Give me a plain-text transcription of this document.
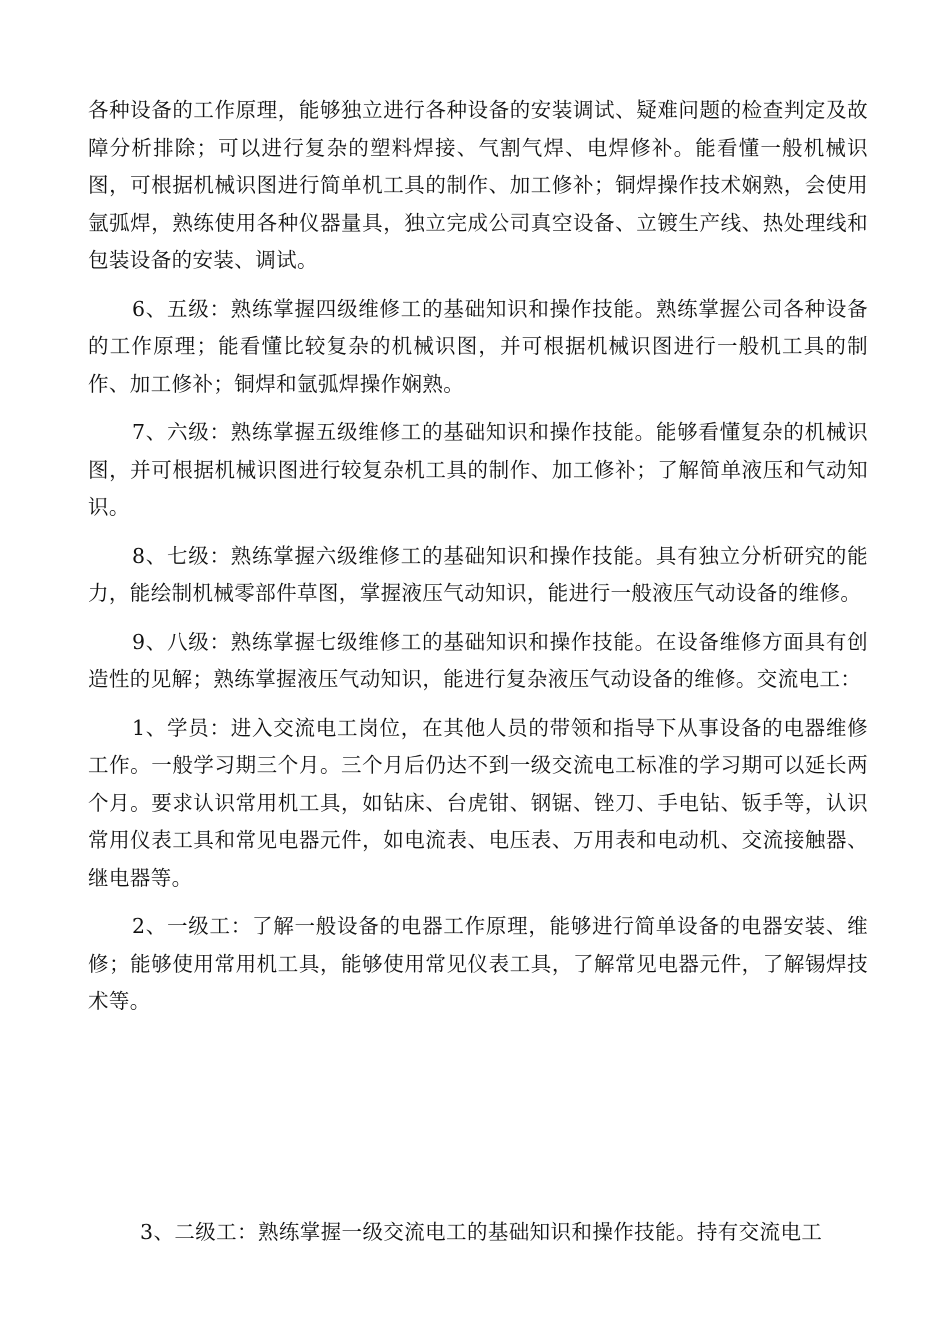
各种设备的工作原理，能够独立进行各种设备的安装调试、疑难问题的检查判定及故障分析排除；可以进行复杂的塑料焊接、气割气焊、电焊修补。能看懂一般机械识图，可根据机械识图进行简单机工具的制作、加工修补；铜焊操作技术娴熟，会使用氩弧焊，熟练使用各种仪器量具，独立完成公司真空设备、立镀生产线、热处理线和包装设备的安装、调试。

6、五级：熟练掌握四级维修工的基础知识和操作技能。熟练掌握公司各种设备的工作原理；能看懂比较复杂的机械识图，并可根据机械识图进行一般机工具的制作、加工修补；铜焊和氩弧焊操作娴熟。

7、六级：熟练掌握五级维修工的基础知识和操作技能。能够看懂复杂的机械识图，并可根据机械识图进行较复杂机工具的制作、加工修补；了解简单液压和气动知识。

8、七级：熟练掌握六级维修工的基础知识和操作技能。具有独立分析研究的能力，能绘制机械零部件草图，掌握液压气动知识，能进行一般液压气动设备的维修。

9、八级：熟练掌握七级维修工的基础知识和操作技能。在设备维修方面具有创造性的见解；熟练掌握液压气动知识，能进行复杂液压气动设备的维修。交流电工：

1、学员：进入交流电工岗位，在其他人员的带领和指导下从事设备的电器维修工作。一般学习期三个月。三个月后仍达不到一级交流电工标准的学习期可以延长两个月。要求认识常用机工具，如钻床、台虎钳、钢锯、锉刀、手电钻、钣手等，认识常用仪表工具和常见电器元件，如电流表、电压表、万用表和电动机、交流接触器、继电器等。

2、一级工：了解一般设备的电器工作原理，能够进行简单设备的电器安装、维修；能够使用常用机工具，能够使用常见仪表工具，了解常见电器元件，了解锡焊技术等。

3、二级工：熟练掌握一级交流电工的基础知识和操作技能。持有交流电工
